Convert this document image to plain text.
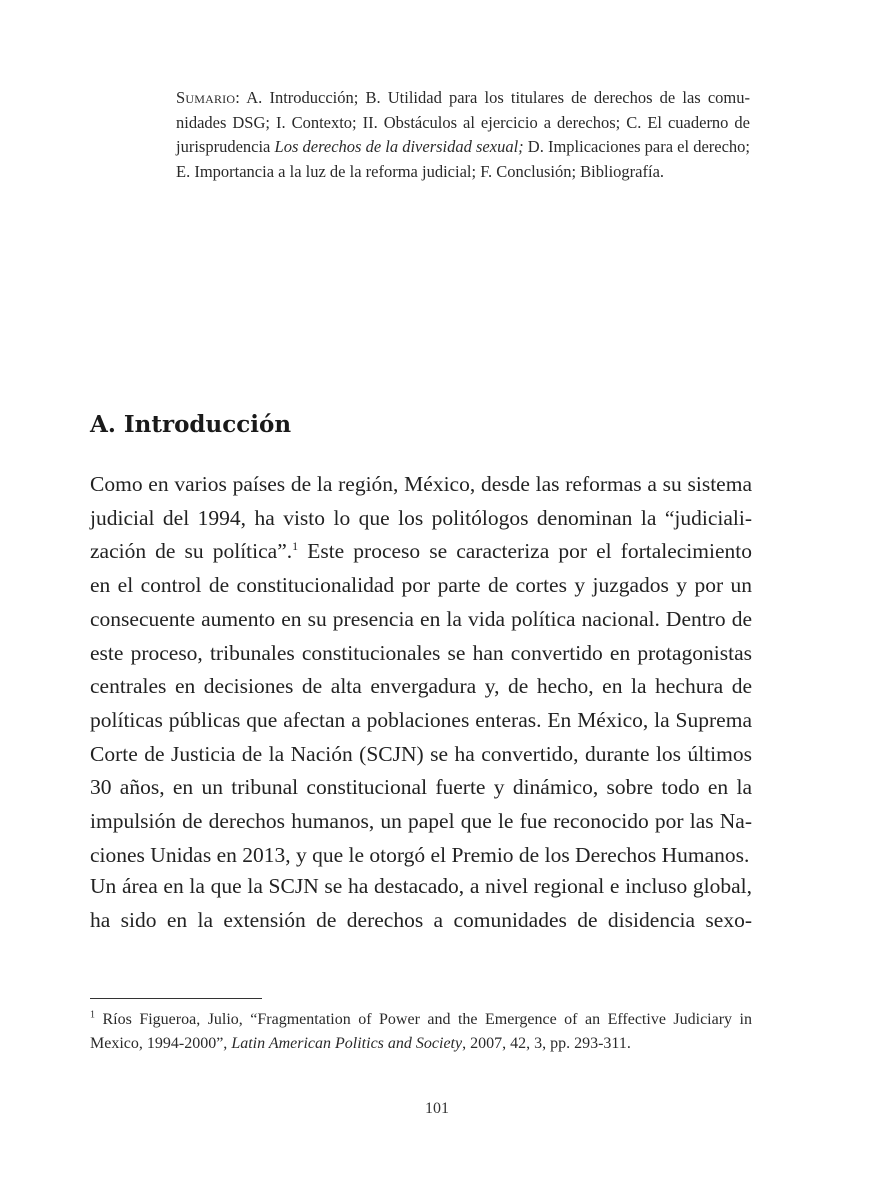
Sumario: A. Introducción; B. Utilidad para los titulares de derechos de las comu- nidades DSG; I. Contexto; II. Obstáculos al ejercicio a derechos; C. El cuaderno de jurisprudencia Los derechos de la diversidad sexual; D. Implicaciones para el derecho; E. Importancia a la luz de la reforma judicial; F. Conclusión; Bibliografía.
A. Introducción
Como en varios países de la región, México, desde las reformas a su sistema
judicial del 1994, ha visto lo que los politólogos denominan la “judiciali-
zación de su política”.$^1$ Este proceso se caracteriza por el fortalecimiento
en el control de constitucionalidad por parte de cortes y juzgados y por un
consecuente aumento en su presencia en la vida política nacional. Dentro de
este proceso, tribunales constitucionales se han convertido en protagonistas
centrales en decisiones de alta envergadura y, de hecho, en la hechura de
políticas públicas que afectan a poblaciones enteras. En México, la Suprema
Corte de Justicia de la Nación (SCJN) se ha convertido, durante los últimos
30 años, en un tribunal constitucional fuerte y dinámico, sobre todo en la
impulsión de derechos humanos, un papel que le fue reconocido por las Na-
ciones Unidas en 2013, y que le otorgó el Premio de los Derechos Humanos.
Un área en la que la SCJN se ha destacado, a nivel regional e incluso global,
ha sido en la extensión de derechos a comunidades de disidencia sexo-
$^1$ Ríos Figueroa, Julio, “Fragmentation of Power and the Emergence of an Effective Judiciary in
Mexico, 1994-2000”, Latin American Politics and Society, 2007, 42, 3, pp. 293-311.
101
